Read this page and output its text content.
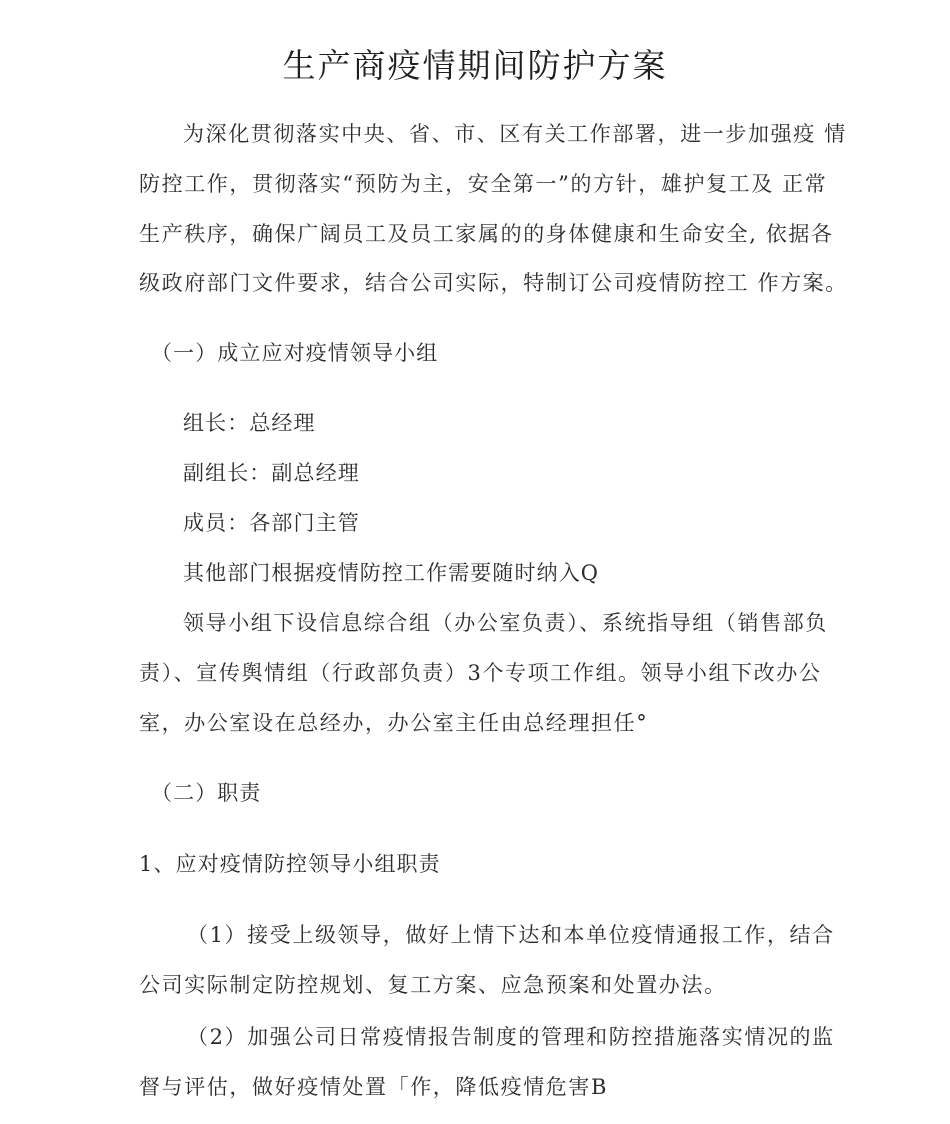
生产商疫情期间防护方案

为深化贯彻落实中央、省、市、区有关工作部署，进一步加强疫 情

防控工作，贯彻落实“预防为主，安全第一”的方针，雄护复工及 正常

生产秩序，确保广阔员工及员工家属的的身体健康和生命安全, 依据各

级政府部门文件要求，结合公司实际，特制订公司疫情防控工 作方案。

（一）成立应对疫情领导小组

组长：总经理

副组长：副总经理

成员：各部门主管

其他部门根据疫情防控工作需要随时纳入Q

领导小组下设信息综合组（办公室负责）、系统指导组（销售部负

责）、宣传舆情组（行政部负责）3个专项工作组。领导小组下改办公

室，办公室设在总经办，办公室主任由总经理担任°

（二）职责

1、应对疫情防控领导小组职责

（1）接受上级领导，做好上情下达和本单位疫情通报工作，结合

公司实际制定防控规划、复工方案、应急预案和处置办法。

（2）加强公司日常疫情报告制度的管理和防控措施落实情况的监

督与评估，做好疫情处置「作，降低疫情危害B
